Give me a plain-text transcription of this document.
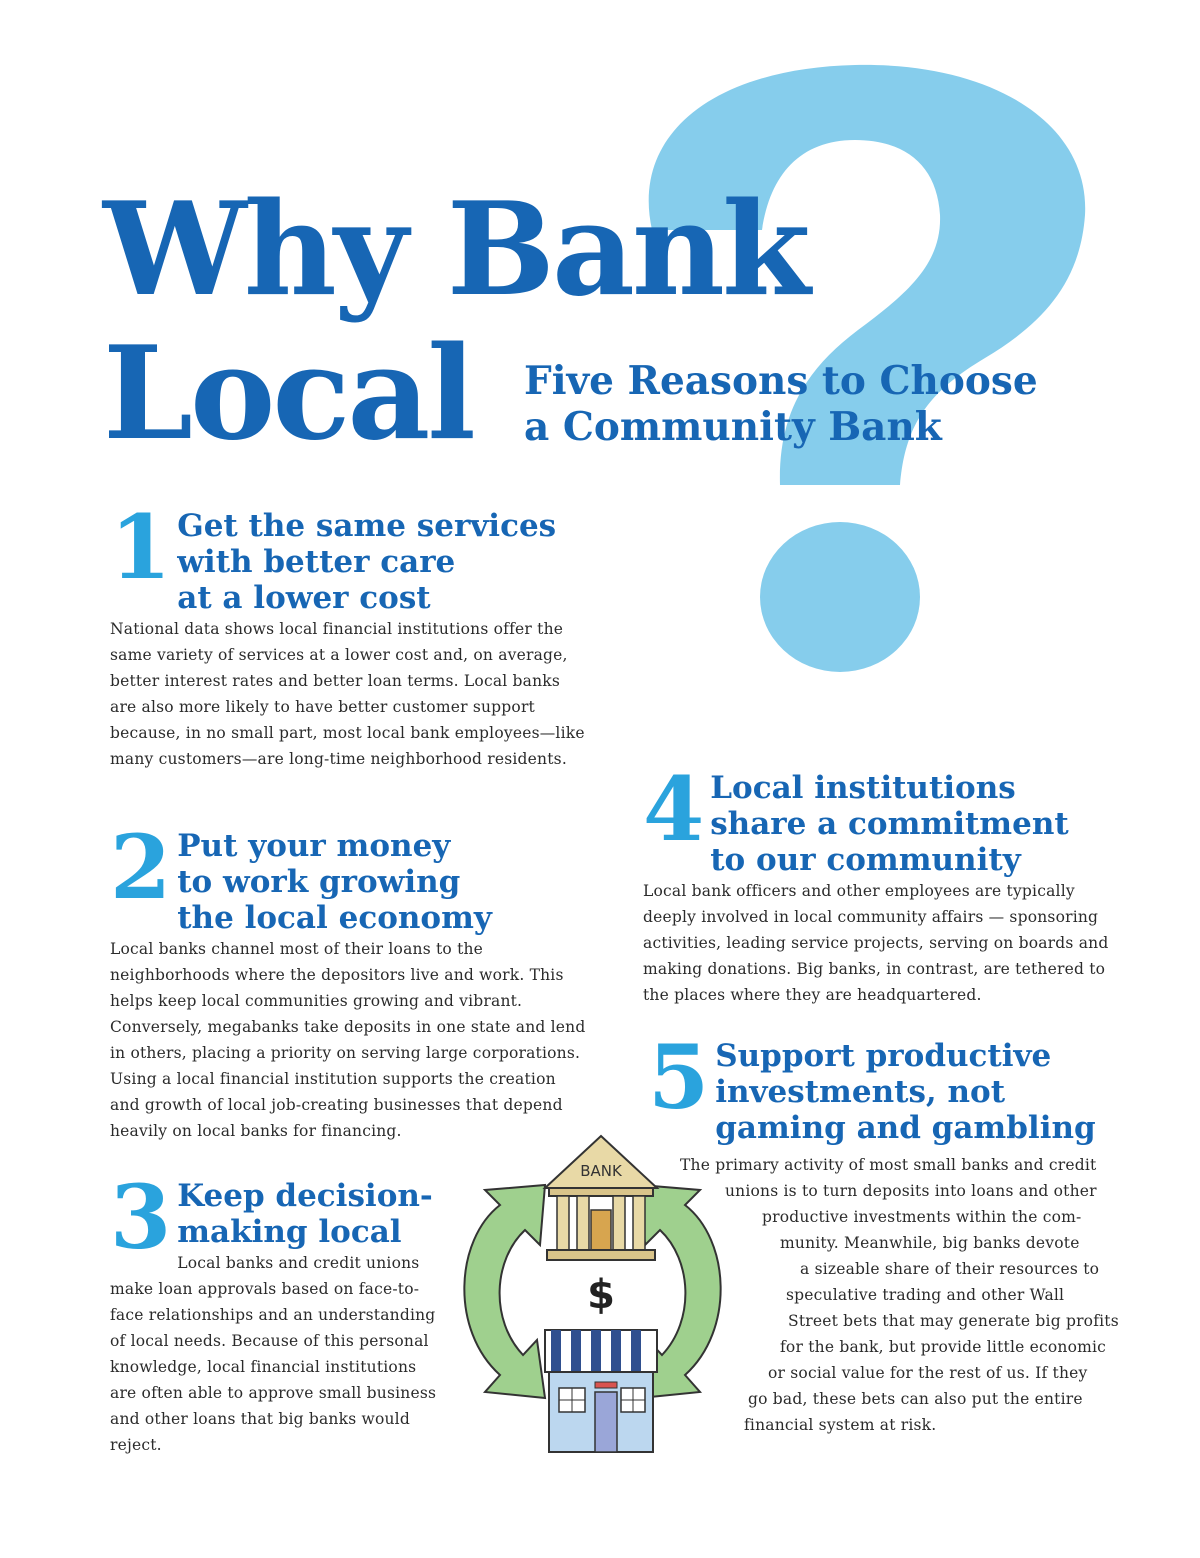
Why Bank
Local Five Reasons to Choose
a Community Bank
1 Get the same services
with better care
at a lower cost

National data shows local financial institutions offer the same variety of services at a lower cost and, on average, better interest rates and better loan terms. Local banks are also more likely to have better customer support because, in no small part, most local bank employees—like many customers—are long-time neighborhood residents.

2 Put your money
to work growing
the local economy

Local banks channel most of their loans to the neighborhoods where the depositors live and work. This helps keep local communities growing and vibrant. Conversely, megabanks take deposits in one state and lend in others, placing a priority on serving large corporations. Using a local financial institution supports the creation and growth of local job-creating businesses that depend heavily on local banks for financing.

3 Keep decision-
making local

Local banks and credit unions make loan approvals based on face-to-face relationships and an understanding of local needs. Because of this personal knowledge, local financial institutions are often able to approve small business and other loans that big banks would reject.

4 Local institutions
share a commitment
to our community

Local bank officers and other employees are typically deeply involved in local community affairs — sponsoring activities, leading service projects, serving on boards and making donations. Big banks, in contrast, are tethered to the places where they are headquartered.

5 Support productive
investments, not
gaming and gambling

The primary activity of most small banks and credit
unions is to turn deposits into loans and other
productive investments within the com-
munity. Meanwhile, big banks devote
a sizeable share of their resources to
speculative trading and other Wall
Street bets that may generate big profits
for the bank, but provide little economic
or social value for the rest of us. If they
go bad, these bets can also put the entire
financial system at risk.

BANK
$
